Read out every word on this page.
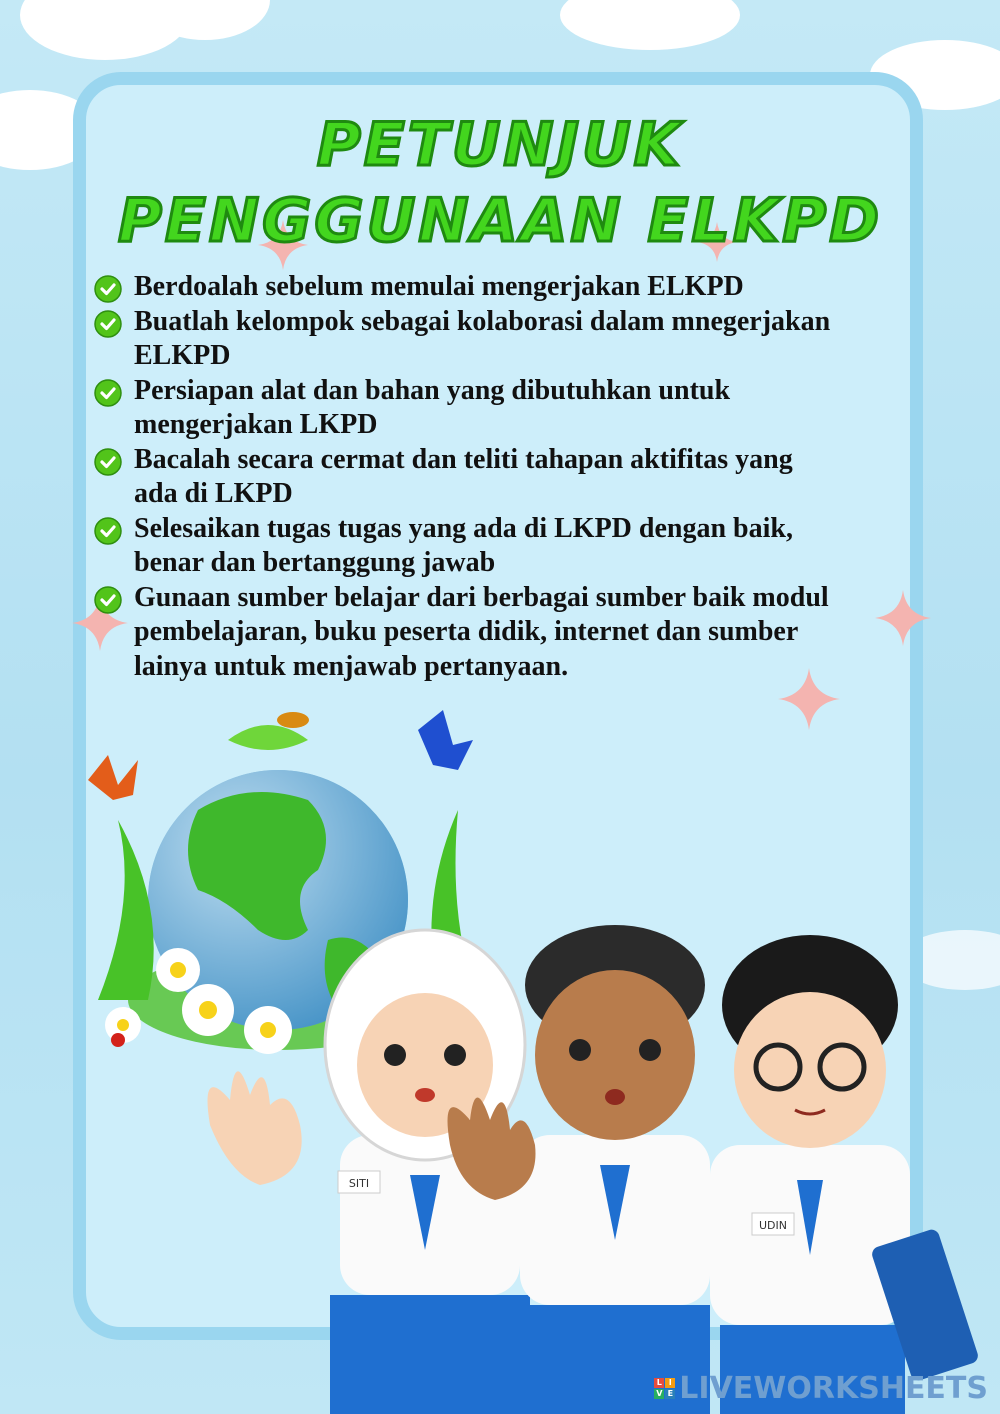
PETUNJUK
PENGGUNAAN ELKPD
Berdoalah sebelum memulai mengerjakan ELKPD
Buatlah kelompok sebagai kolaborasi dalam mnegerjakan
ELKPD
Persiapan alat dan bahan yang dibutuhkan untuk
mengerjakan LKPD
Bacalah secara cermat dan teliti tahapan aktifitas yang
ada di LKPD
Selesaikan tugas tugas yang ada di LKPD dengan baik,
benar dan bertanggung jawab
Gunaan sumber belajar dari berbagai sumber baik modul
pembelajaran, buku peserta didik, internet dan sumber
lainya untuk menjawab pertanyaan.
SITI
UDIN
L I
V E LIVEWORKSHEETS
